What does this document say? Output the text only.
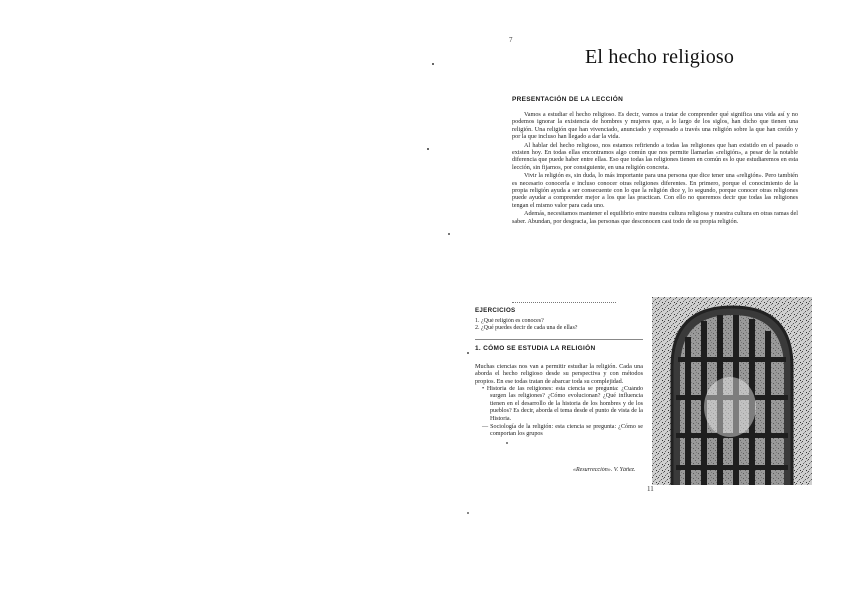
7
El hecho religioso
PRESENTACIÓN DE LA LECCIÓN

Vamos a estudiar el hecho religioso. Es decir, vamos a tratar de comprender qué significa una vida así y no podemos ignorar la existencia de hombres y mujeres que, a lo largo de los siglos, han dicho que tienen una religión. Una religión que han vivenciado, anunciado y expresado a través una religión sobre la que han creído y por la que incluso han llegado a dar la vida.

Al hablar del hecho religioso, nos estamos refiriendo a todas las religiones que han existido en el pasado o existen hoy. En todas ellas encontramos algo común que nos permite llamarlas «religión», a pesar de la notable diferencia que puede haber entre ellas. Eso que todas las religiones tienen en común es lo que estudiaremos en esta lección, sin fijarnos, por consiguiente, en una religión concreta.

Vivir la religión es, sin duda, lo más importante para una persona que dice tener una «religión». Pero también es necesario conocerla e incluso conocer otras religiones diferentes. En primero, porque el conocimiento de la propia religión ayuda a ser consecuente con lo que la religión dice y, lo segundo, porque conocer otras religiones puede ayudar a comprender mejor a los que las practican. Con ello no queremos decir que todas las religiones tengan el mismo valor para cada uno.

Además, necesitamos mantener el equilibrio entre nuestra cultura religiosa y nuestra cultura en otras ramas del saber. Abundan, por desgracia, las personas que desconocen casi todo de su propia religión.

EJERCICIOS
1. ¿Qué religión es conoces?
2. ¿Qué puedes decir de cada una de ellas?
1. CÓMO SE ESTUDIA LA RELIGIÓN
Muchas ciencias nos van a permitir estudiar la religión. Cada una aborda el hecho religioso desde su perspectiva y con métodos propios. En ese todas tratan de abarcar toda su complejidad.
• Historia de las religiones: esta ciencia se pregunta: ¿Cuándo surgen las religiones? ¿Cómo evolucionan? ¿Qué influencia tienen en el desarrollo de la historia de los hombres y de los pueblos? Es decir, aborda el tema desde el punto de vista de la Historia.
— Sociología de la religión: esta ciencia se pregunta: ¿Cómo se comportan los grupos
«Resurrección». V. Yáñez.
11
